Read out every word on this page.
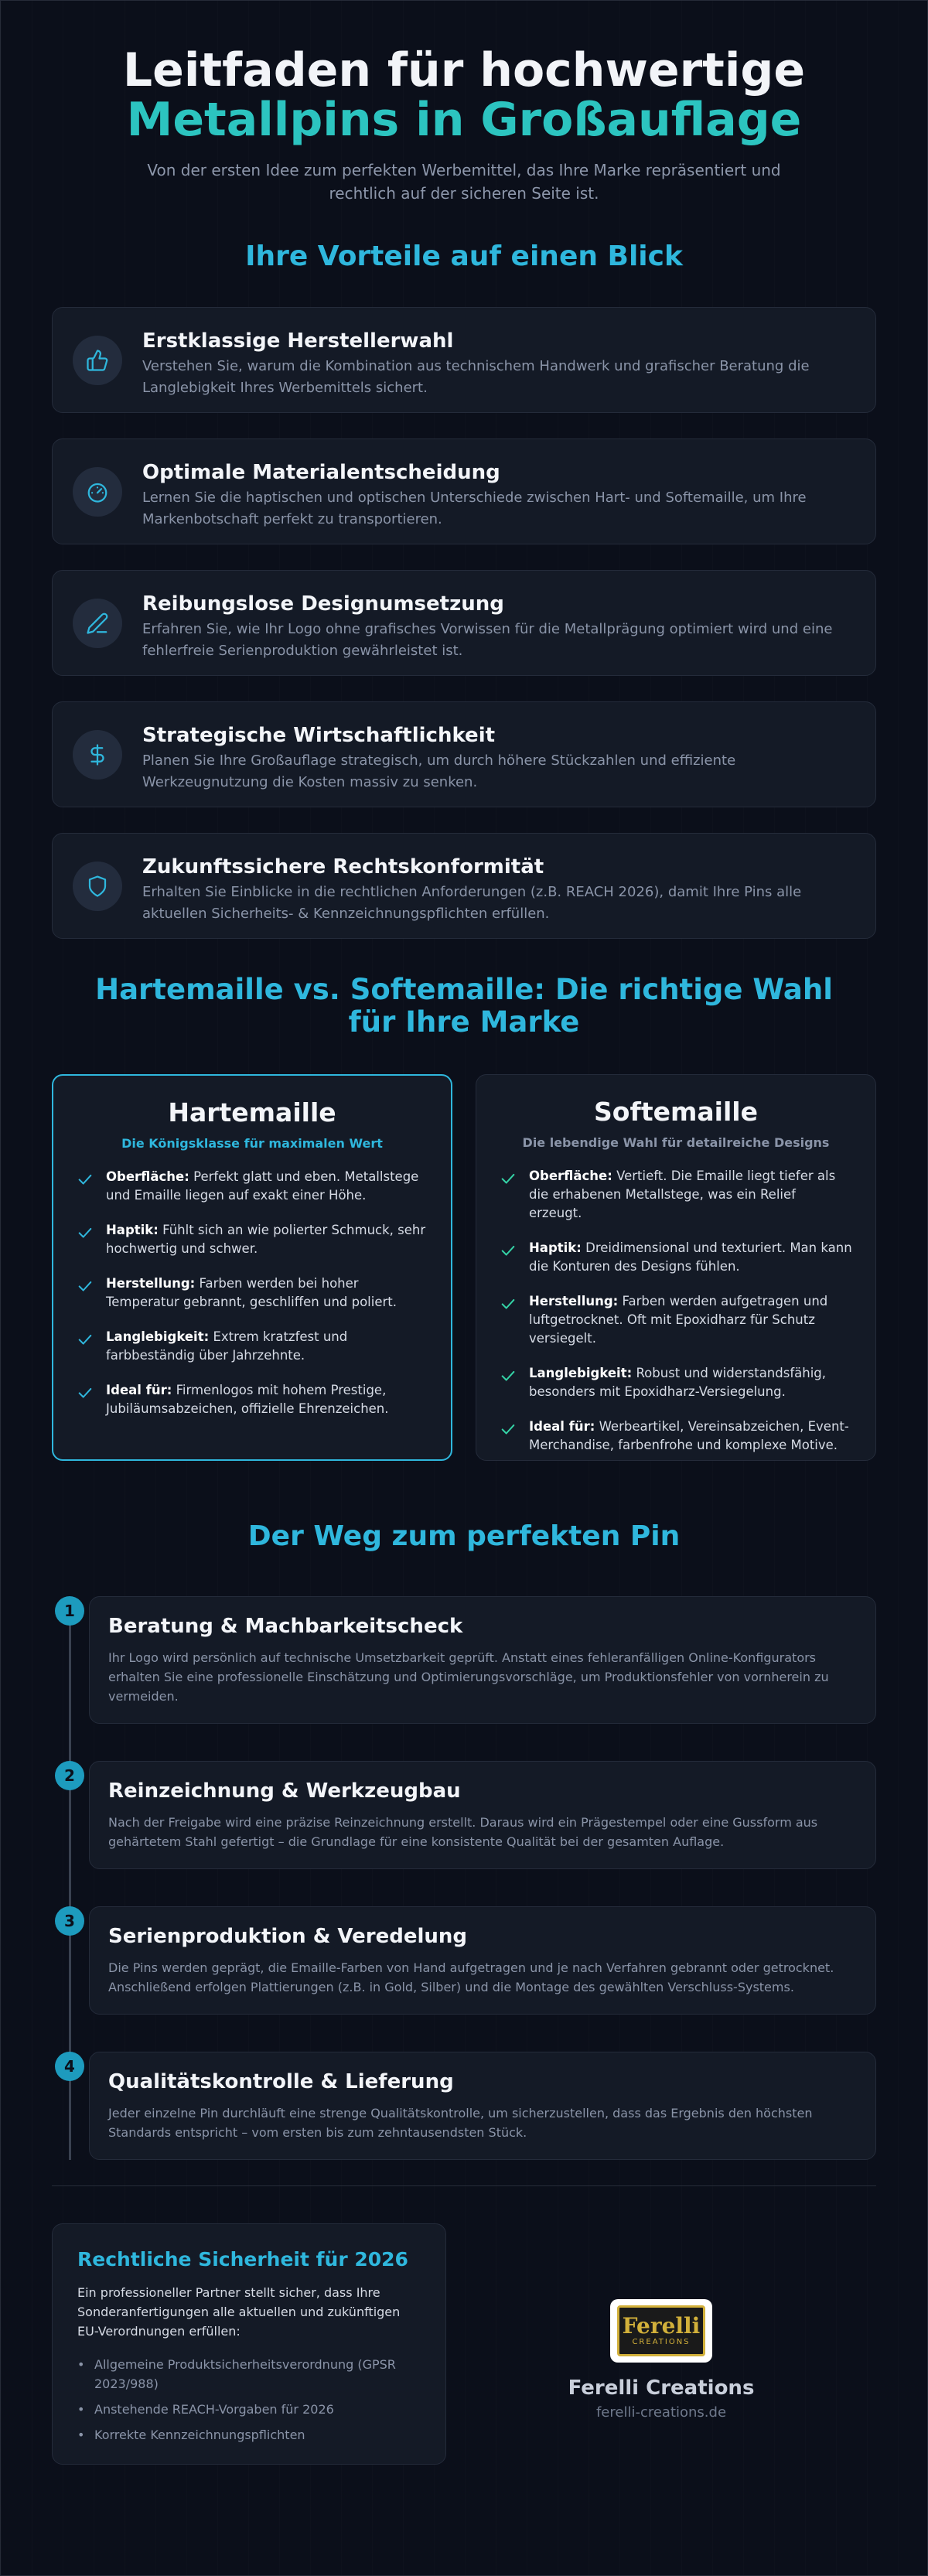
Leitfaden für hochwertige
Metallpins in Großauflage

Von der ersten Idee zum perfekten Werbemittel, das Ihre Marke repräsentiert und rechtlich auf der sicheren Seite ist.

Ihre Vorteile auf einen Blick
Erstklassige Herstellerwahl

Verstehen Sie, warum die Kombination aus technischem Handwerk und grafischer Beratung die Langlebigkeit Ihres Werbemittels sichert.

Optimale Materialentscheidung

Lernen Sie die haptischen und optischen Unterschiede zwischen Hart- und Softemaille, um Ihre Markenbotschaft perfekt zu transportieren.

Reibungslose Designumsetzung

Erfahren Sie, wie Ihr Logo ohne grafisches Vorwissen für die Metallprägung optimiert wird und eine fehlerfreie Serienproduktion gewährleistet ist.

Strategische Wirtschaftlichkeit

Planen Sie Ihre Großauflage strategisch, um durch höhere Stückzahlen und effiziente Werkzeugnutzung die Kosten massiv zu senken.

Zukunftssichere Rechtskonformität

Erhalten Sie Einblicke in die rechtlichen Anforderungen (z.B. REACH 2026), damit Ihre Pins alle aktuellen Sicherheits- & Kennzeichnungspflichten erfüllen.

Hartemaille vs. Softemaille: Die richtige Wahl für Ihre Marke
Hartemaille
Die Königsklasse für maximalen Wert
Oberfläche: Perfekt glatt und eben. Metallstege und Emaille liegen auf exakt einer Höhe.
Haptik: Fühlt sich an wie polierter Schmuck, sehr hochwertig und schwer.
Herstellung: Farben werden bei hoher Temperatur gebrannt, geschliffen und poliert.
Langlebigkeit: Extrem kratzfest und farbbeständig über Jahrzehnte.
Ideal für: Firmenlogos mit hohem Prestige, Jubiläumsabzeichen, offizielle Ehrenzeichen.
Softemaille
Die lebendige Wahl für detailreiche Designs
Oberfläche: Vertieft. Die Emaille liegt tiefer als die erhabenen Metallstege, was ein Relief erzeugt.
Haptik: Dreidimensional und texturiert. Man kann die Konturen des Designs fühlen.
Herstellung: Farben werden aufgetragen und luftgetrocknet. Oft mit Epoxidharz für Schutz versiegelt.
Langlebigkeit: Robust und widerstandsfähig, besonders mit Epoxidharz-Versiegelung.
Ideal für: Werbeartikel, Vereinsabzeichen, Event-Merchandise, farbenfrohe und komplexe Motive.
Der Weg zum perfekten Pin
1
Beratung & Machbarkeitscheck

Ihr Logo wird persönlich auf technische Umsetzbarkeit geprüft. Anstatt eines fehleranfälligen Online-Konfigurators erhalten Sie eine professionelle Einschätzung und Optimierungsvorschläge, um Produktionsfehler von vornherein zu vermeiden.

2
Reinzeichnung & Werkzeugbau

Nach der Freigabe wird eine präzise Reinzeichnung erstellt. Daraus wird ein Prägestempel oder eine Gussform aus gehärtetem Stahl gefertigt – die Grundlage für eine konsistente Qualität bei der gesamten Auflage.

3
Serienproduktion & Veredelung

Die Pins werden geprägt, die Emaille-Farben von Hand aufgetragen und je nach Verfahren gebrannt oder getrocknet. Anschließend erfolgen Plattierungen (z.B. in Gold, Silber) und die Montage des gewählten Verschluss-Systems.

4
Qualitätskontrolle & Lieferung

Jeder einzelne Pin durchläuft eine strenge Qualitätskontrolle, um sicherzustellen, dass das Ergebnis den höchsten Standards entspricht – vom ersten bis zum zehntausendsten Stück.

Rechtliche Sicherheit für 2026

Ein professioneller Partner stellt sicher, dass Ihre Sonderanfertigungen alle aktuellen und zukünftigen EU-Verordnungen erfüllen:

• Allgemeine Produktsicherheitsverordnung (GPSR 2023/988)
• Anstehende REACH-Vorgaben für 2026
• Korrekte Kennzeichnungspflichten
Ferelli
CREATIONS
Ferelli Creations
ferelli-creations.de
